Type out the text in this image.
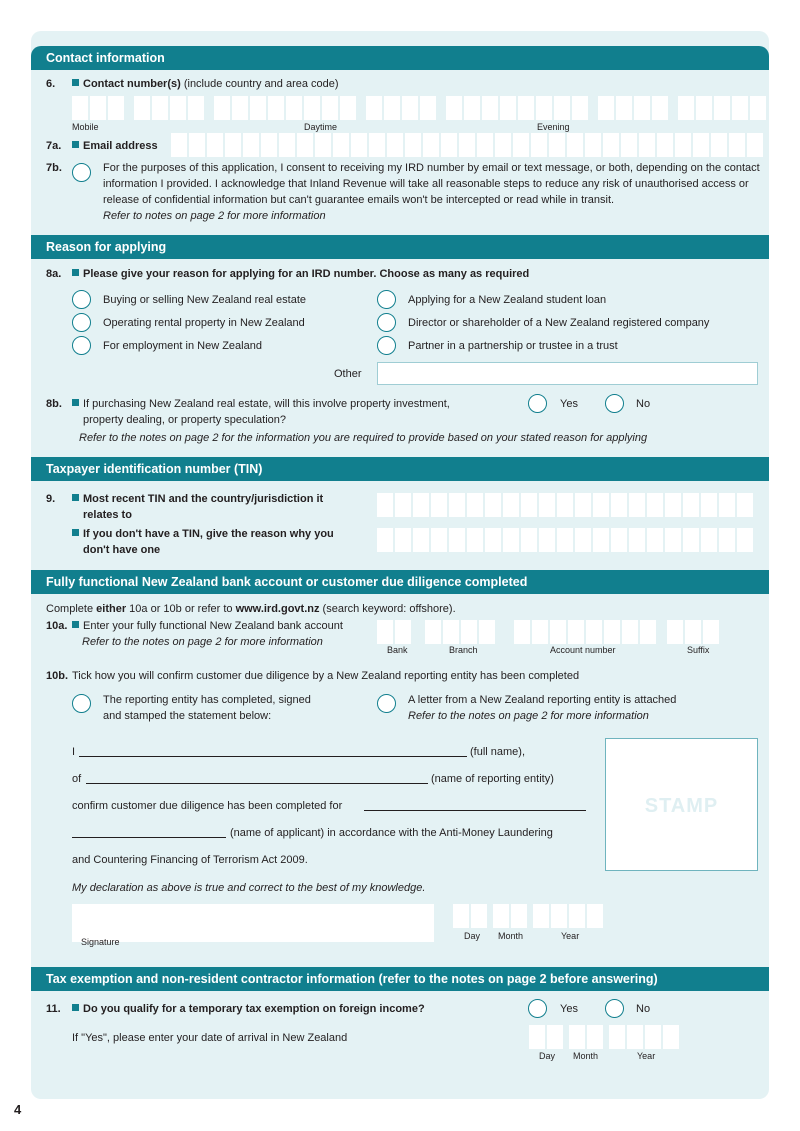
Contact information
6.	Contact number(s) (include country and area code)
Mobile	Daytime	Evening
7a.	Email address
7b.	For the purposes of this application, I consent to receiving my IRD number by email or text message, or both, depending on the contact information I provided. I acknowledge that Inland Revenue will take all reasonable steps to reduce any risk of unauthorised access or release of confidential information but can't guarantee emails won't be intercepted or read while in transit.
Refer to notes on page 2 for more information
Reason for applying
8a.	Please give your reason for applying for an IRD number. Choose as many as required
Buying or selling New Zealand real estate
Operating rental property in New Zealand
For employment in New Zealand
Applying for a New Zealand student loan
Director or shareholder of a New Zealand registered company
Partner in a partnership or trustee in a trust
Other
8b.	If purchasing New Zealand real estate, will this involve property investment,
property dealing, or property speculation?
Yes	No
Refer to the notes on page 2 for the information you are required to provide based on your stated reason for applying
Taxpayer identification number (TIN)
9.	Most recent TIN and the country/jurisdiction it
relates to
If you don't have a TIN, give the reason why you
don't have one
Fully functional New Zealand bank account or customer due diligence completed
Complete either 10a or 10b or refer to www.ird.govt.nz (search keyword: offshore).
10a.	Enter your fully functional New Zealand bank account
Refer to the notes on page 2 for more information
Bank	Branch	Account number	Suffix
10b. Tick how you will confirm customer due diligence by a New Zealand reporting entity has been completed
The reporting entity has completed, signed
and stamped the statement below:
A letter from a New Zealand reporting entity is attached
Refer to the notes on page 2 for more information
I	(full name),
of	(name of reporting entity)
confirm customer due diligence has been completed for
(name of applicant) in accordance with the Anti-Money Laundering
and Countering Financing of Terrorism Act 2009.
My declaration as above is true and correct to the best of my knowledge.
STAMP
Signature
Day Month	Year
Tax exemption and non-resident contractor information (refer to the notes on page 2 before answering)
11.	Do you qualify for a temporary tax exemption on foreign income?	Yes	No
If "Yes", please enter your date of arrival in New Zealand
Day Month	Year
4
